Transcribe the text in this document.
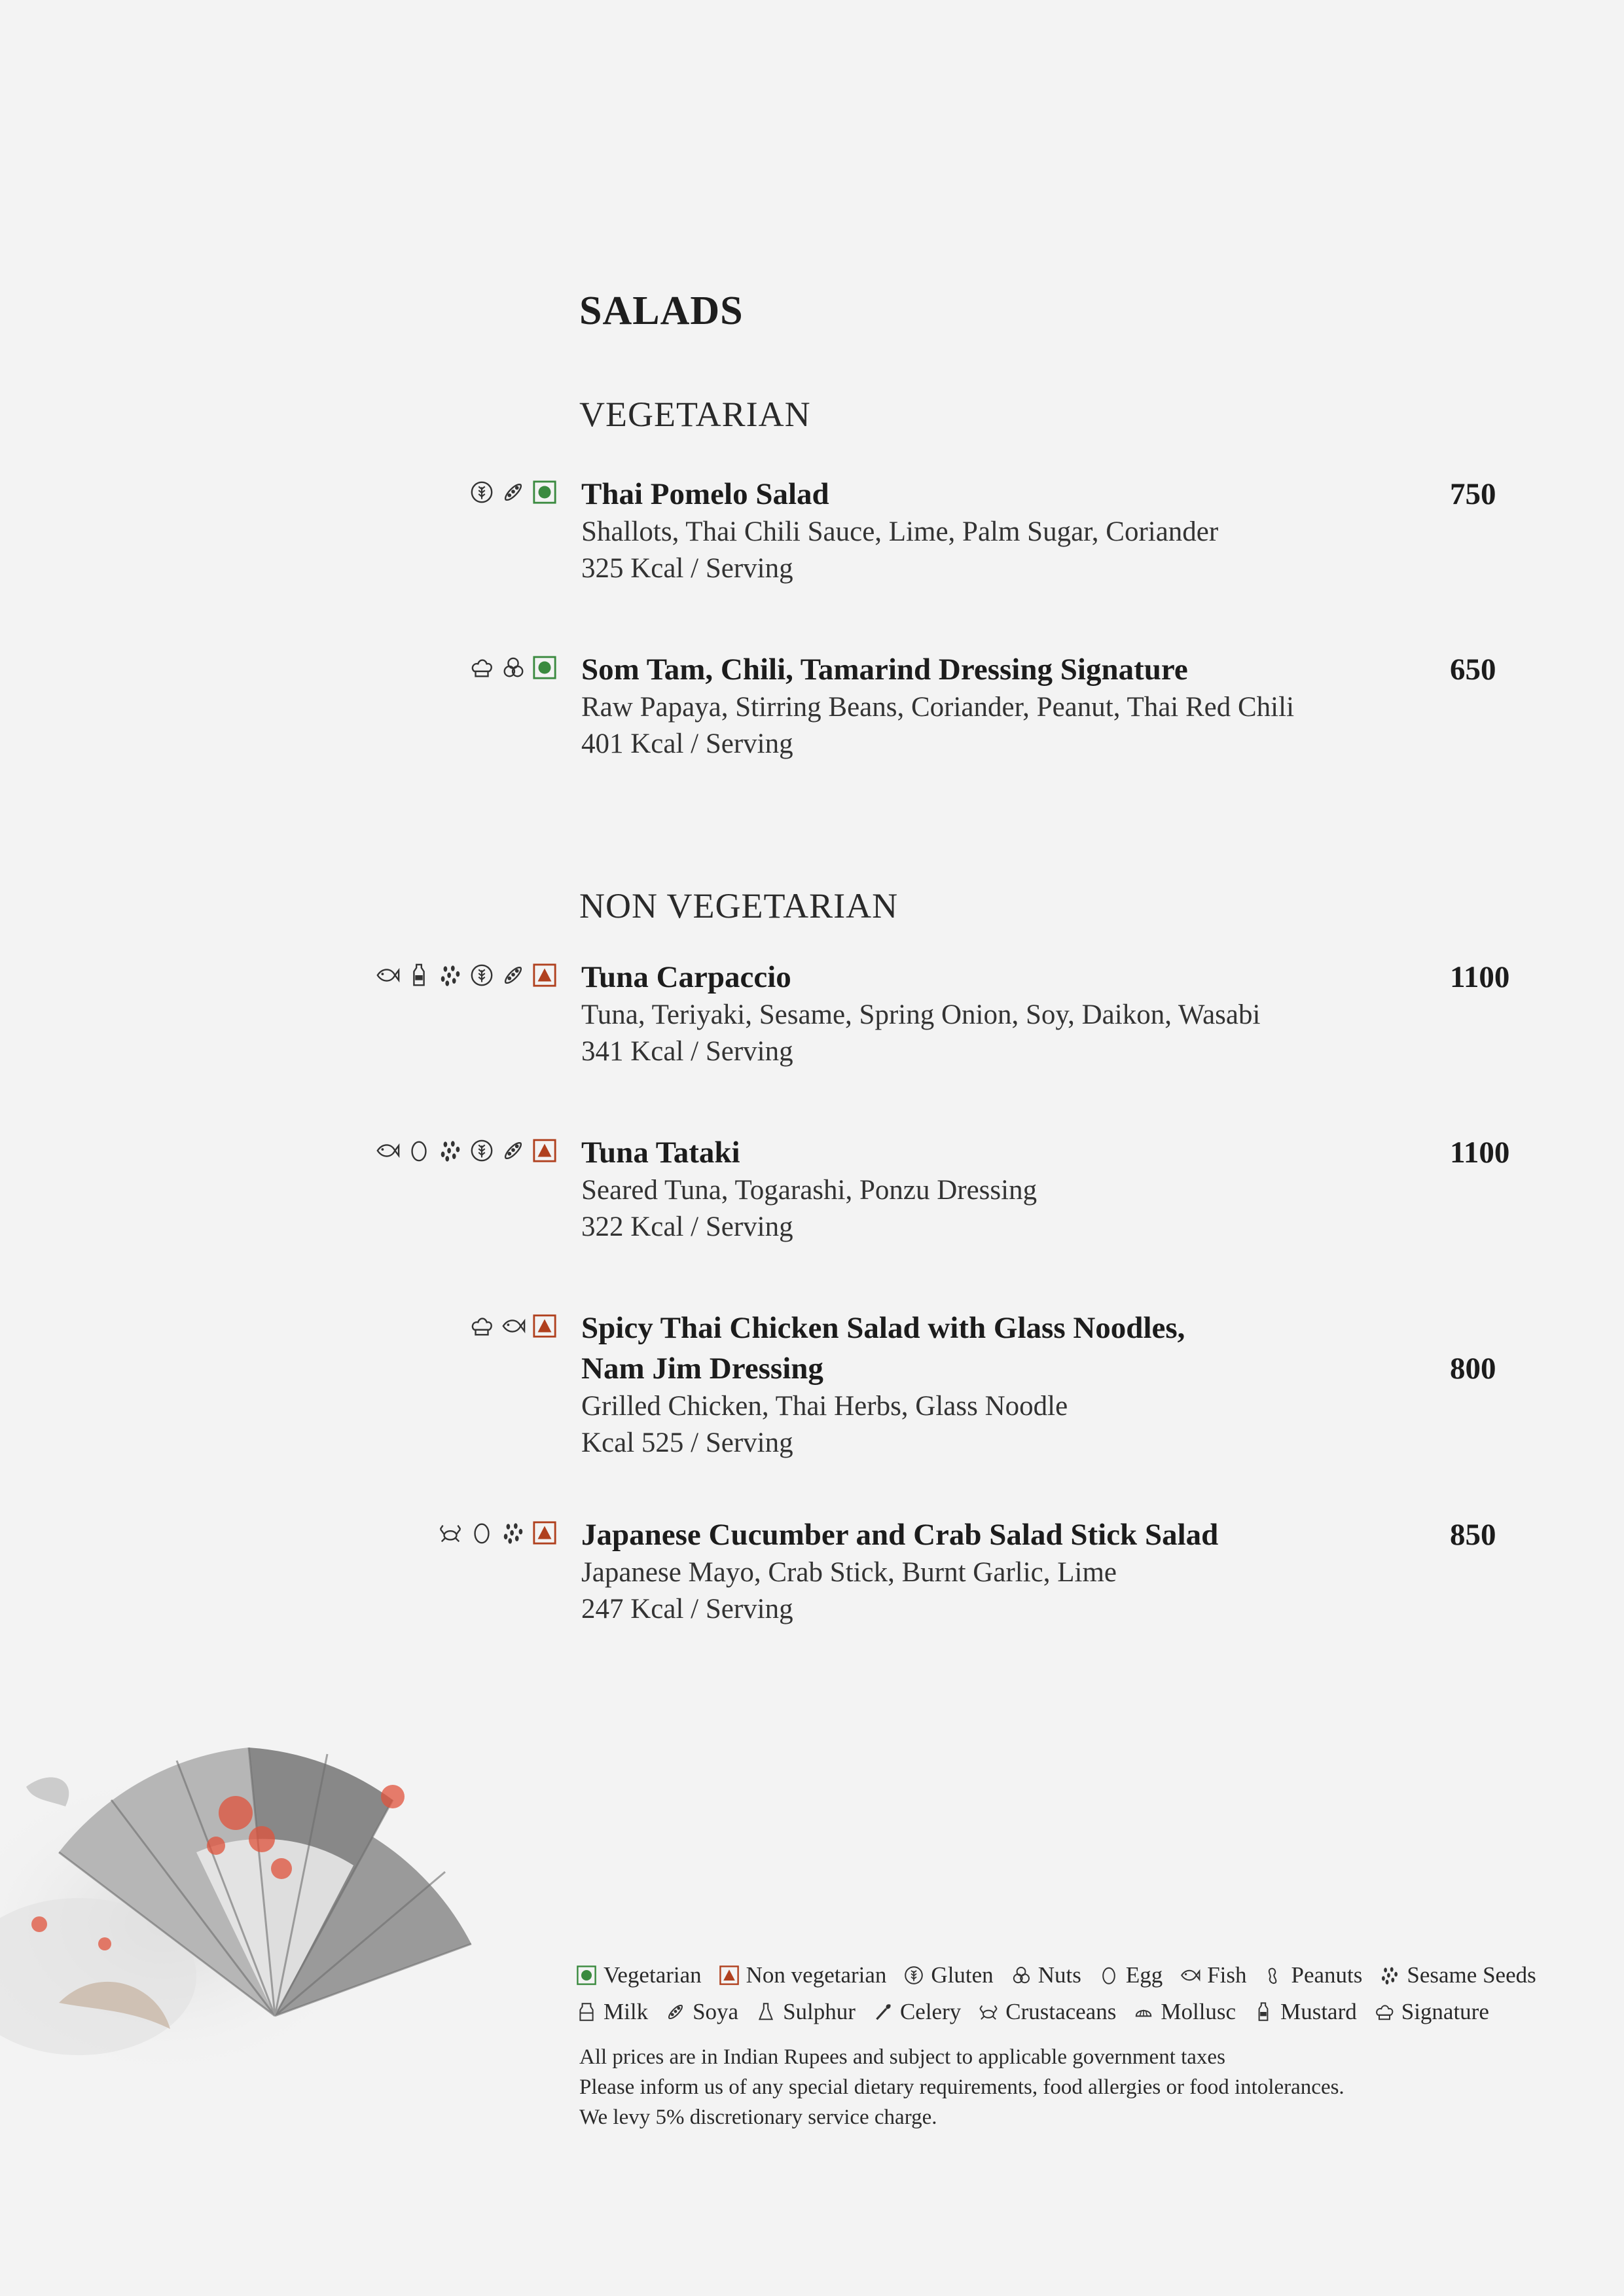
SALADS
VEGETARIAN
Thai Pomelo Salad	750
Shallots, Thai Chili Sauce, Lime, Palm Sugar, Coriander
325 Kcal / Serving
Som Tam, Chili, Tamarind Dressing Signature	650
Raw Papaya, Stirring Beans, Coriander, Peanut, Thai Red Chili
401 Kcal / Serving
NON VEGETARIAN
Tuna Carpaccio	1100
Tuna, Teriyaki, Sesame, Spring Onion, Soy, Daikon, Wasabi
341 Kcal / Serving
Tuna Tataki	1100
Seared Tuna, Togarashi, Ponzu Dressing
322 Kcal / Serving
Spicy Thai Chicken Salad with Glass Noodles,
Nam Jim Dressing	800
Grilled Chicken, Thai Herbs, Glass Noodle
Kcal 525 / Serving
Japanese Cucumber and Crab Salad Stick Salad	850
Japanese Mayo, Crab Stick, Burnt Garlic, Lime
247 Kcal / Serving
Vegetarian Non vegetarian Gluten Nuts Egg Fish Peanuts Sesame Seeds
Milk Soya Sulphur Celery Crustaceans Mollusc Mustard Signature
All prices are in Indian Rupees and subject to applicable government taxes
Please inform us of any special dietary requirements, food allergies or food intolerances.
We levy 5% discretionary service charge.
